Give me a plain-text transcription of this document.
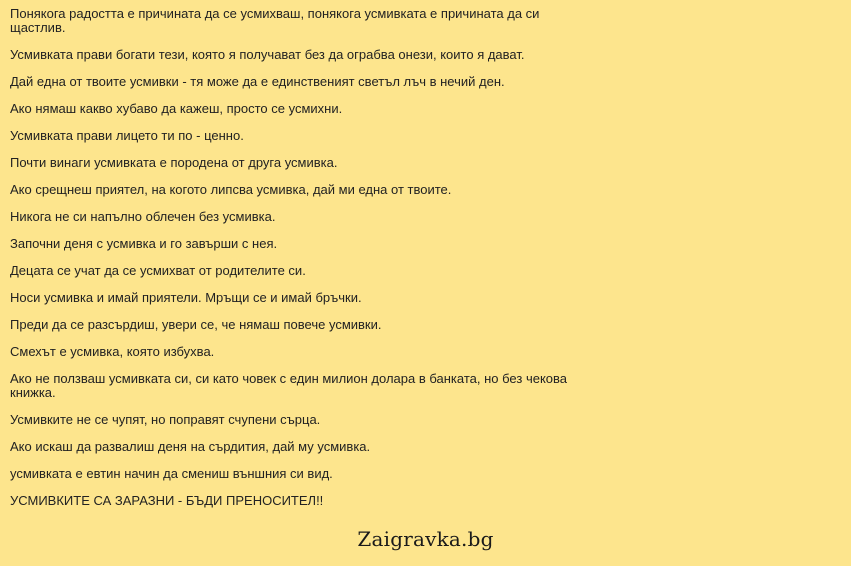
Понякога радостта е причината да се усмихваш, понякога усмивката е причината да си щастлив.
Усмивката прави богати тези, която я получават без да ограбва онези, които я дават.
Дай една от твоите усмивки - тя може да е единственият светъл лъч в нечий ден.
Ако нямаш какво хубаво да кажеш, просто се усмихни.
Усмивката прави лицето ти по - ценно.
Почти винаги усмивката е породена от друга усмивка.
Ако срещнеш приятел, на когото липсва усмивка, дай ми една от твоите.
Никога не си напълно облечен без усмивка.
Започни деня с усмивка и го завърши с нея.
Децата се учат да се усмихват от родителите си.
Носи усмивка и имай приятели. Мръщи се и имай бръчки.
Преди да се разсърдиш, увери се, че нямаш повече усмивки.
Смехът е усмивка, която избухва.
Ако не ползваш усмивката си, си като човек с един милион долара в банката, но без чекова книжка.
Усмивките не се чупят, но поправят счупени сърца.
Ако искаш да развалиш деня на сърдития, дай му усмивка.
усмивката е евтин начин да смениш външния си вид.
УСМИВКИТЕ СА ЗАРАЗНИ - БЪДИ ПРЕНОСИТЕЛ!!
Zaigravka.bg
